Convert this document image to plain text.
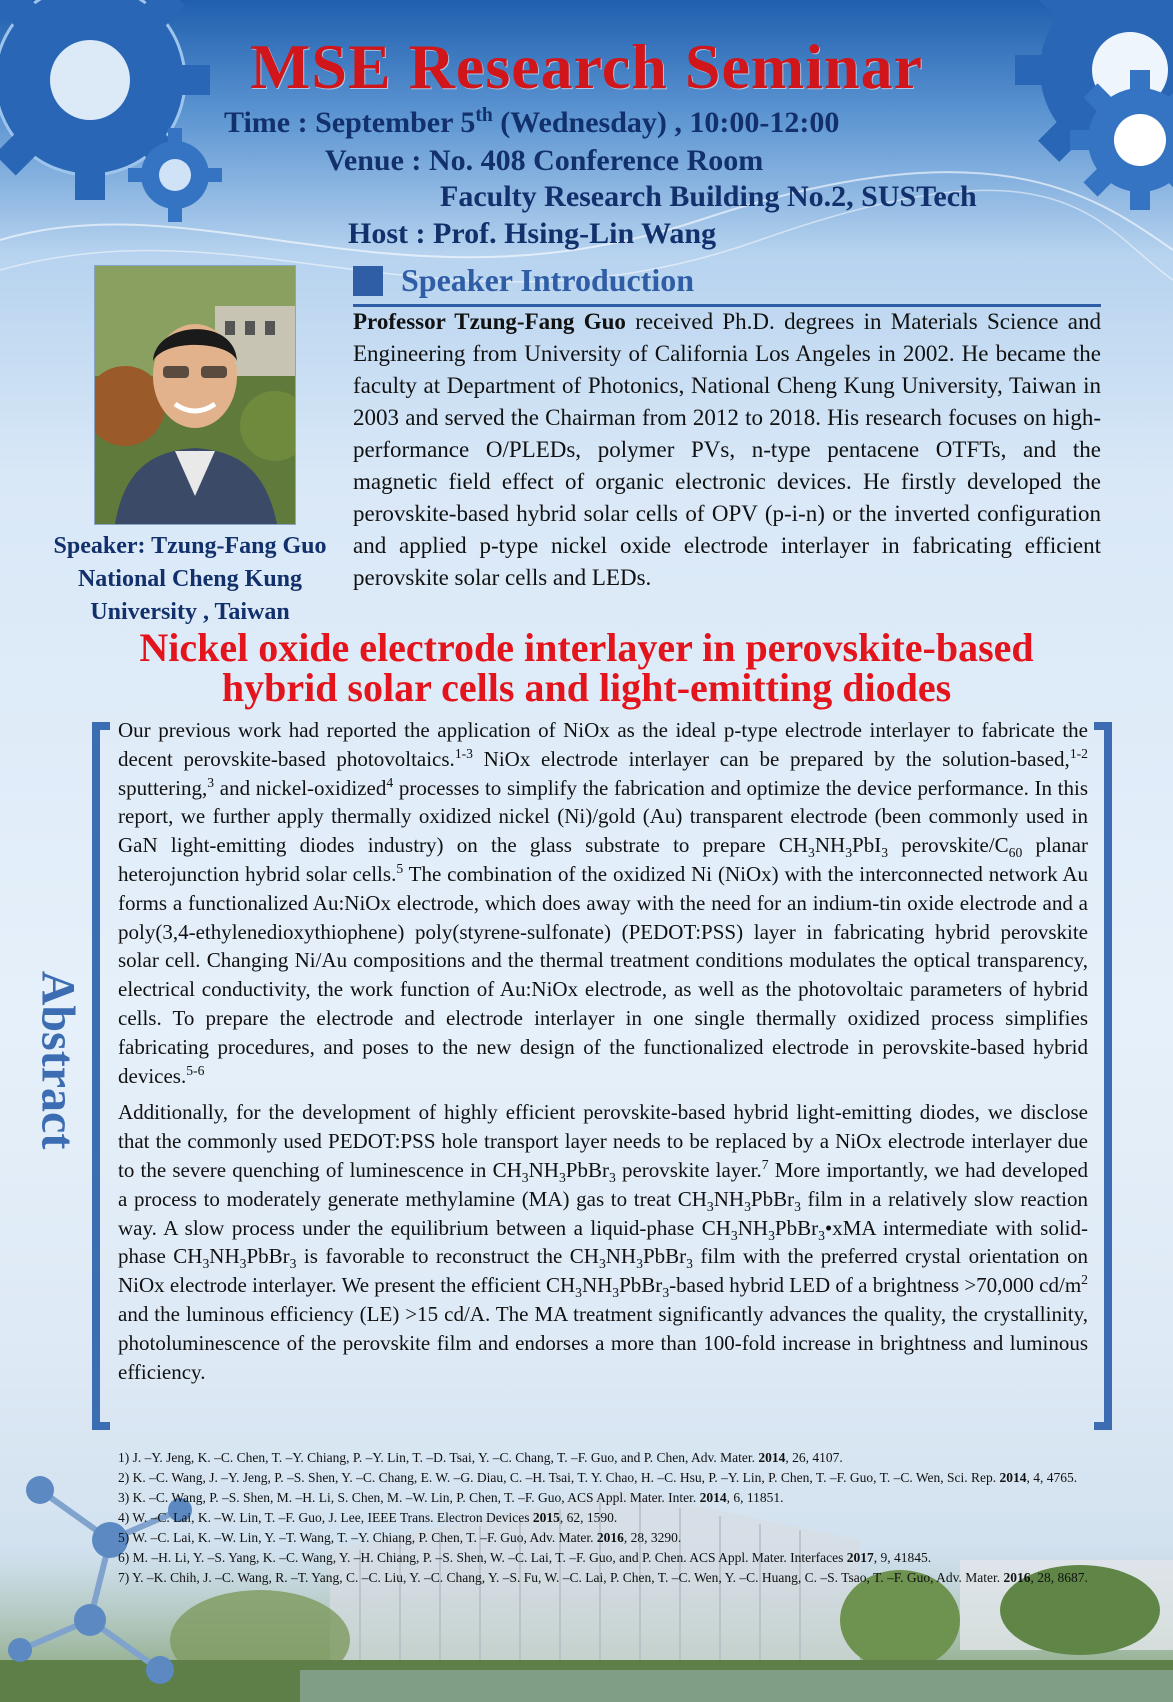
MSE Research Seminar
Time : September 5th (Wednesday) , 10:00-12:00
Venue : No. 408 Conference Room
Faculty Research Building No.2, SUSTech
Host : Prof. Hsing-Lin Wang
Speaker: Tzung-Fang Guo
National Cheng Kung
University , Taiwan
Speaker Introduction
Professor Tzung-Fang Guo received Ph.D. degrees in Materials Science and Engineering from University of California Los Angeles in 2002. He became the faculty at Department of Photonics, National Cheng Kung University, Taiwan in 2003 and served the Chairman from 2012 to 2018. His research focuses on high-performance O/PLEDs, polymer PVs, n-type pentacene OTFTs, and the magnetic field effect of organic electronic devices. He firstly developed the perovskite-based hybrid solar cells of OPV (p-i-n) or the inverted configuration and applied p-type nickel oxide electrode interlayer in fabricating efficient perovskite solar cells and LEDs.
Nickel oxide electrode interlayer in perovskite-based
hybrid solar cells and light-emitting diodes
Abstract

Our previous work had reported the application of NiOx as the ideal p-type electrode interlayer to fabricate the decent perovskite-based photovoltaics.$^{1-3}$ NiOx electrode interlayer can be prepared by the solution-based,$^{1-2}$ sputtering,$^3$ and nickel-oxidized$^4$ processes to simplify the fabrication and optimize the device performance. In this report, we further apply thermally oxidized nickel (Ni)/gold (Au) transparent electrode (been commonly used in GaN light-emitting diodes industry) on the glass substrate to prepare $CH_3NH_3PbI_3$ perovskite/$C_{60}$ planar heterojunction hybrid solar cells.$^5$ The combination of the oxidized Ni (NiOx) with the interconnected network Au forms a functionalized Au:NiOx electrode, which does away with the need for an indium-tin oxide electrode and a poly(3,4-ethylenedioxythiophene) poly(styrene-sulfonate) (PEDOT:PSS) layer in fabricating hybrid perovskite solar cell. Changing Ni/Au compositions and the thermal treatment conditions modulates the optical transparency, electrical conductivity, the work function of Au:NiOx electrode, as well as the photovoltaic parameters of hybrid cells. To prepare the electrode and electrode interlayer in one single thermally oxidized process simplifies fabricating procedures, and poses to the new design of the functionalized electrode in perovskite-based hybrid devices.$^{5-6}$

Additionally, for the development of highly efficient perovskite-based hybrid light-emitting diodes, we disclose that the commonly used PEDOT:PSS hole transport layer needs to be replaced by a NiOx electrode interlayer due to the severe quenching of luminescence in $CH_3NH_3PbBr_3$ perovskite layer.$^7$ More importantly, we had developed a process to moderately generate methylamine (MA) gas to treat $CH_3NH_3PbBr_3$ film in a relatively slow reaction way. A slow process under the equilibrium between a liquid-phase $CH_3NH_3PbBr_3•xMA$ intermediate with solid-phase $CH_3NH_3PbBr_3$ is favorable to reconstruct the $CH_3NH_3PbBr_3$ film with the preferred crystal orientation on NiOx electrode interlayer. We present the efficient $CH_3NH_3PbBr_3$-based hybrid LED of a brightness >70,000 $cd/m^2$ and the luminous efficiency (LE) >15 cd/A. The MA treatment significantly advances the quality, the crystallinity, photoluminescence of the perovskite film and endorses a more than 100-fold increase in brightness and luminous efficiency.

1) J. –Y. Jeng, K. –C. Chen, T. –Y. Chiang, P. –Y. Lin, T. –D. Tsai, Y. –C. Chang, T. –F. Guo, and P. Chen, Adv. Mater. 2014, 26, 4107.
2) K. –C. Wang, J. –Y. Jeng, P. –S. Shen, Y. –C. Chang, E. W. –G. Diau, C. –H. Tsai, T. Y. Chao, H. –C. Hsu, P. –Y. Lin, P. Chen, T. –F. Guo, T. –C. Wen, Sci. Rep. 2014, 4, 4765.
3) K. –C. Wang, P. –S. Shen, M. –H. Li, S. Chen, M. –W. Lin, P. Chen, T. –F. Guo, ACS Appl. Mater. Inter. 2014, 6, 11851.
4) W. –C. Lai, K. –W. Lin, T. –F. Guo, J. Lee, IEEE Trans. Electron Devices 2015, 62, 1590.
5) W. –C. Lai, K. –W. Lin, Y. –T. Wang, T. –Y. Chiang, P. Chen, T. –F. Guo, Adv. Mater. 2016, 28, 3290.
6) M. –H. Li, Y. –S. Yang, K. –C. Wang, Y. –H. Chiang, P. –S. Shen, W. –C. Lai, T. –F. Guo, and P. Chen. ACS Appl. Mater. Interfaces 2017, 9, 41845.
7) Y. –K. Chih, J. –C. Wang, R. –T. Yang, C. –C. Liu, Y. –C. Chang, Y. –S. Fu, W. –C. Lai, P. Chen, T. –C. Wen, Y. –C. Huang, C. –S. Tsao, T. –F. Guo, Adv. Mater. 2016, 28, 8687.
